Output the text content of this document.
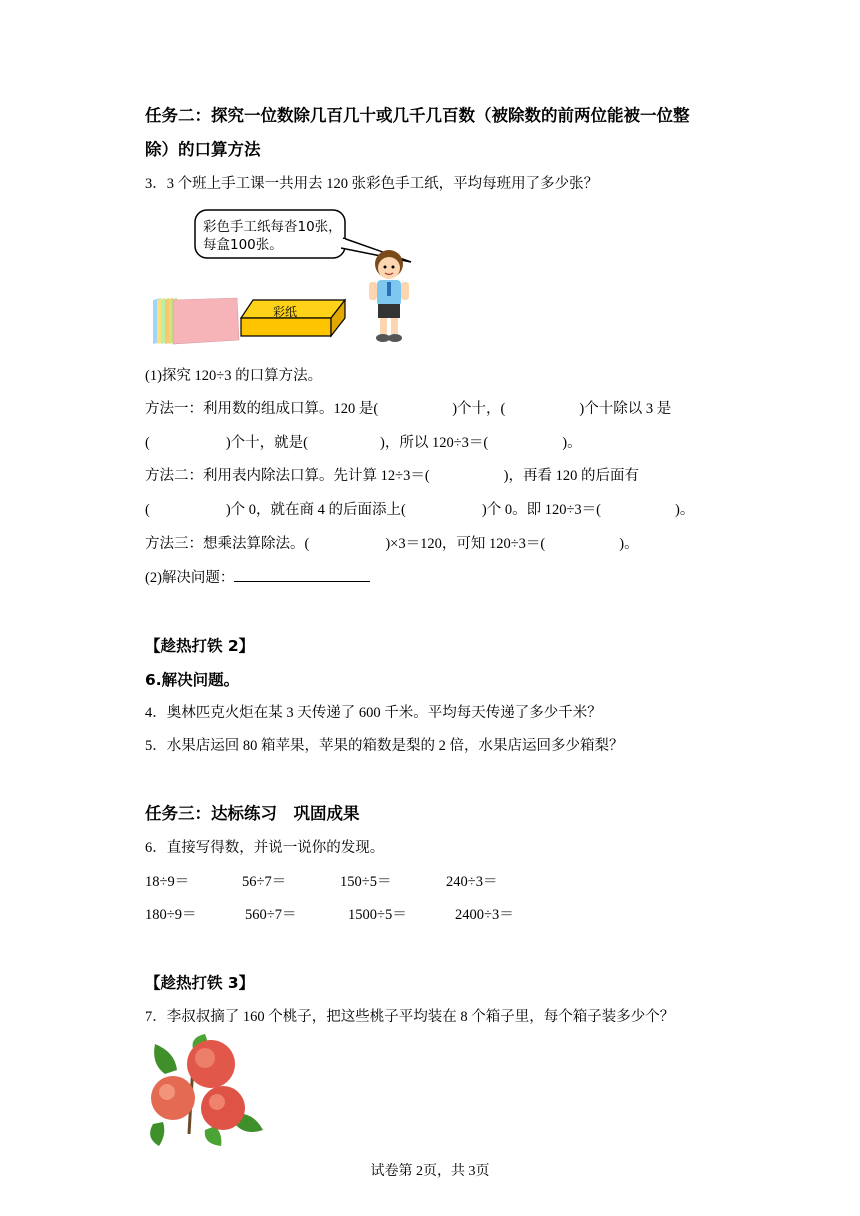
任务二：探究一位数除几百几十或几千几百数（被除数的前两位能被一位整
除）的口算方法
3．3 个班上手工课一共用去 120 张彩色手工纸，平均每班用了多少张？
彩色手工纸每沓10张，
每盒100张。
彩纸
(1)探究 120÷3 的口算方法。
方法一：利用数的组成口算。120 是(	)个十，(	)个十除以 3 是
(	)个十，就是(	)，所以 120÷3＝(	)。
方法二：利用表内除法口算。先计算 12÷3＝(	)，再看 120 的后面有
(	)个 0，就在商 4 的后面添上(	)个 0。即 120÷3＝(	)。
方法三：想乘法算除法。(	)×3＝120，可知 120÷3＝(	)。
(2)解决问题：
【趁热打铁 2】
6.解决问题。
4．奥林匹克火炬在某 3 天传递了 600 千米。平均每天传递了多少千米？
5．水果店运回 80 箱苹果，苹果的箱数是梨的 2 倍，水果店运回多少箱梨？
任务三：达标练习　巩固成果
6．直接写得数，并说一说你的发现。
18÷9＝	56÷7＝	150÷5＝	240÷3＝
180÷9＝	560÷7＝	1500÷5＝	2400÷3＝
【趁热打铁 3】
7．李叔叔摘了 160 个桃子，把这些桃子平均装在 8 个箱子里，每个箱子装多少个？
试卷第 2页，共 3页
